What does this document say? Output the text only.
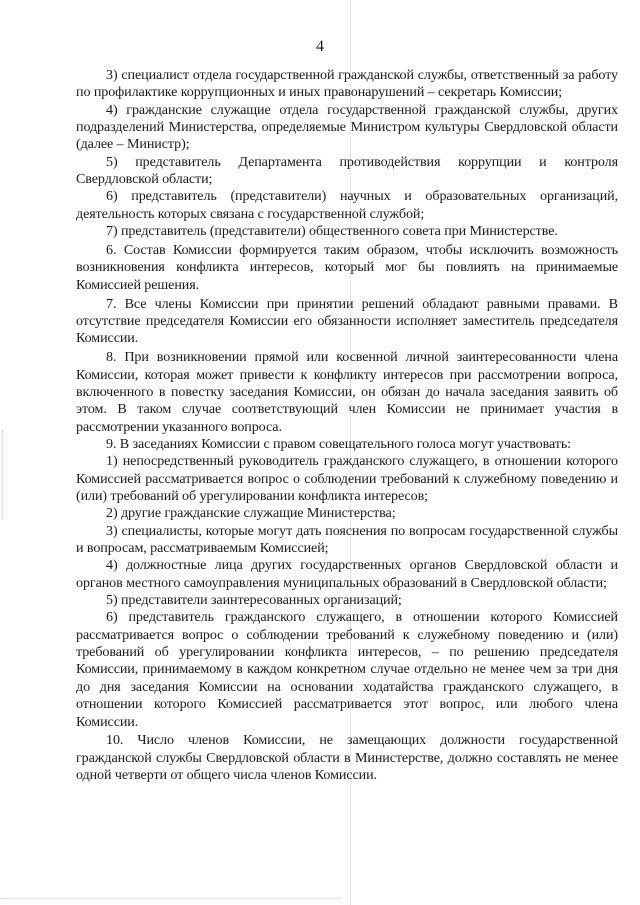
4

3) специалист отдела государственной гражданской службы, ответственный за работу по профилактике коррупционных и иных правонарушений – секретарь Комиссии;

4) гражданские служащие отдела государственной гражданской службы, других подразделений Министерства, определяемые Министром культуры Свердловской области (далее – Министр);

5) представитель Департамента противодействия коррупции и контроля Свердловской области;

6) представитель (представители) научных и образовательных организаций, деятельность которых связана с государственной службой;

7) представитель (представители) общественного совета при Министерстве.

6. Состав Комиссии формируется таким образом, чтобы исключить возможность возникновения конфликта интересов, который мог бы повлиять на принимаемые Комиссией решения.

7. Все члены Комиссии при принятии решений обладают равными правами. В отсутствие председателя Комиссии его обязанности исполняет заместитель председателя Комиссии.

8. При возникновении прямой или косвенной личной заинтересованности члена Комиссии, которая может привести к конфликту интересов при рассмотрении вопроса, включенного в повестку заседания Комиссии, он обязан до начала заседания заявить об этом. В таком случае соответствующий член Комиссии не принимает участия в рассмотрении указанного вопроса.

9. В заседаниях Комиссии с правом совещательного голоса могут участвовать:

1) непосредственный руководитель гражданского служащего, в отношении которого Комиссией рассматривается вопрос о соблюдении требований к служебному поведению и (или) требований об урегулировании конфликта интересов;

2) другие гражданские служащие Министерства;

3) специалисты, которые могут дать пояснения по вопросам государственной службы и вопросам, рассматриваемым Комиссией;

4) должностные лица других государственных органов Свердловской области и органов местного самоуправления муниципальных образований в Свердловской области;

5) представители заинтересованных организаций;

6) представитель гражданского служащего, в отношении которого Комиссией рассматривается вопрос о соблюдении требований к служебному поведению и (или) требований об урегулировании конфликта интересов, – по решению председателя Комиссии, принимаемому в каждом конкретном случае отдельно не менее чем за три дня до дня заседания Комиссии на основании ходатайства гражданского служащего, в отношении которого Комиссией рассматривается этот вопрос, или любого члена Комиссии.

10. Число членов Комиссии, не замещающих должности государственной гражданской службы Свердловской области в Министерстве, должно составлять не менее одной четверти от общего числа членов Комиссии.
